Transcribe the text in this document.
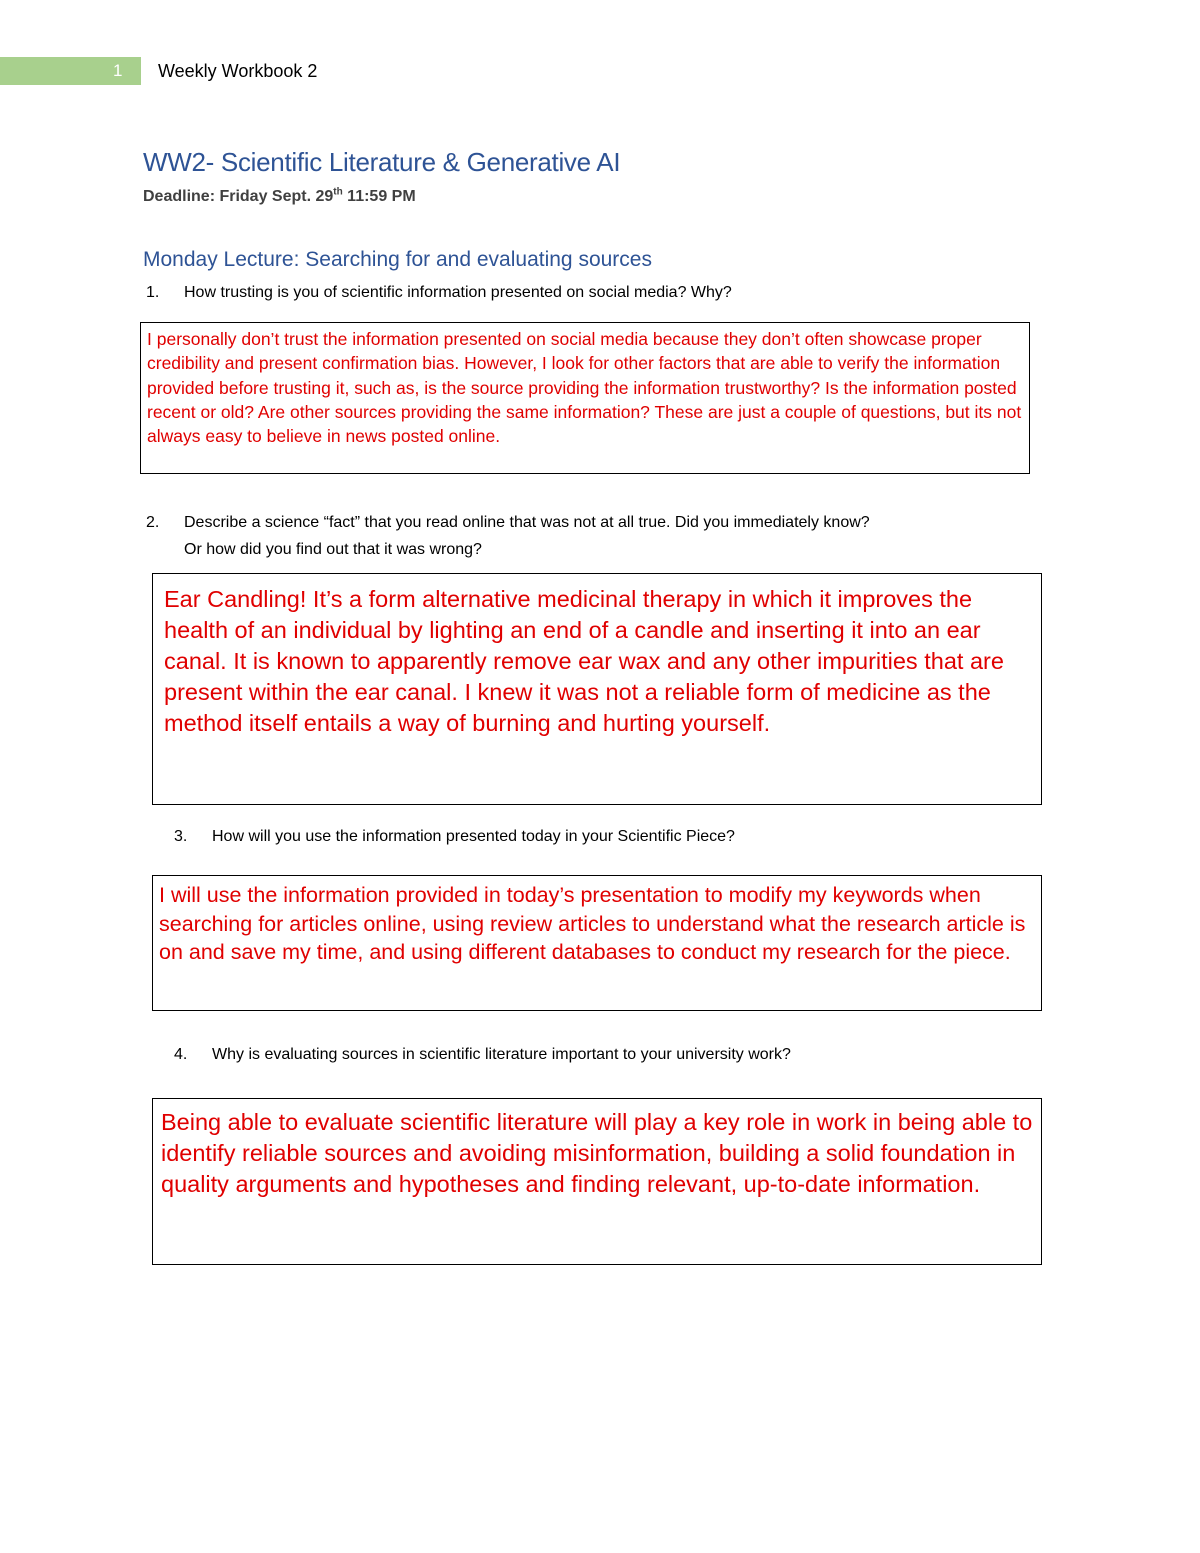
1	Weekly Workbook 2
WW2- Scientific Literature & Generative AI
Deadline: Friday Sept. 29th 11:59 PM
Monday Lecture: Searching for and evaluating sources
1. How trusting is you of scientific information presented on social media? Why?

I personally don’t trust the information presented on social media because they don’t often showcase proper credibility and present confirmation bias. However, I look for other factors that are able to verify the information provided before trusting it, such as, is the source providing the information trustworthy? Is the information posted recent or old? Are other sources providing the same information? These are just a couple of questions, but its not always easy to believe in news posted online.

2. Describe a science “fact” that you read online that was not at all true. Did you immediately know?
Or how did you find out that it was wrong?

Ear Candling! It’s a form alternative medicinal therapy in which it improves the health of an individual by lighting an end of a candle and inserting it into an ear canal. It is known to apparently remove ear wax and any other impurities that are present within the ear canal. I knew it was not a reliable form of medicine as the method itself entails a way of burning and hurting yourself.

3. How will you use the information presented today in your Scientific Piece?

I will use the information provided in today’s presentation to modify my keywords when searching for articles online, using review articles to understand what the research article is on and save my time, and using different databases to conduct my research for the piece.

4. Why is evaluating sources in scientific literature important to your university work?

Being able to evaluate scientific literature will play a key role in work in being able to identify reliable sources and avoiding misinformation, building a solid foundation in quality arguments and hypotheses and finding relevant, up-to-date information.
